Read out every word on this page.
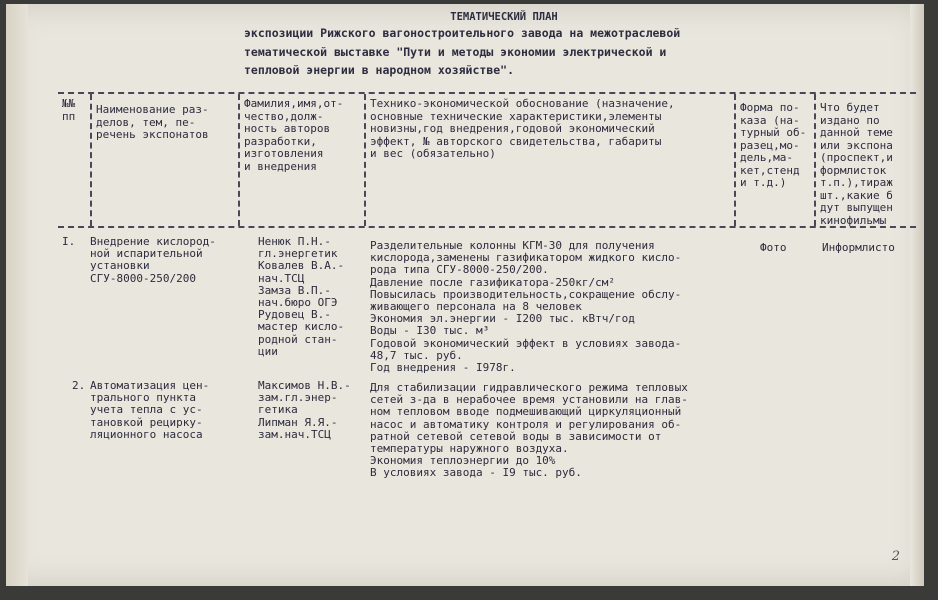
ТЕМАТИЧЕСКИЙ ПЛАН

экспозиции Рижского вагоностроительного завода на межотраслевой

тематической выставке "Пути и методы экономии электрической и

тепловой энергии в народном хозяйстве".

№№

пп Наименование раз-

делов, тем, пе-

речень экспонатов

Фамилия,имя,от-

чество,долж-

ность авторов

разработки,

изготовления

и внедрения

Технико-экономической обоснование (назначение,

основные технические характеристики,элементы

новизны,год внедрения,годовой экономический

эффект, № авторского свидетельства, габариты

и вес (обязательно)

Форма по-

каза (на-

турный об-

разец,мо-

дель,ма-

кет,стенд

и т.д.)

Что будет

издано по

данной теме

или экспона

(проспект,и

формлисток

т.п.),тираж

шт.,какие б

дут выпущен

кинофильмы

I. Внедрение кислород-

ной испарительной

установки

СГУ-8000-250/200

Ненюк П.Н.-

гл.энергетик

Ковалев В.А.-

нач.ТСЦ

Замза В.П.-

нач.бюро ОГЭ

Рудовец В.-

мастер кисло-

родной стан-

ции

Разделительные колонны КГМ-30 для получения

кислорода,заменены газификатором жидкого кисло-

рода типа СГУ-8000-250/200.

Давление после газификатора-250кг/см²

Повысилась производительность,сокращение обслу-

живающего персонала на 8 человек

Экономия эл.энергии - I200 тыс. кВтч/год

Воды - I30 тыс. м³

Годовой экономический эффект в условиях завода-

48,7 тыс. руб.

Год внедрения - I978г.

Фото	Информлисто

2. Автоматизация цен-

трального пункта

учета тепла с ус-

тановкой рецирку-

ляционного насоса

Максимов Н.В.-

зам.гл.энер-

гетика

Липман Я.Я.-

зам.нач.ТСЦ

Для стабилизации гидравлического режима тепловых

сетей з-да в нерабочее время установили на глав-

ном тепловом вводе подмешивающий циркуляционный

насос и автоматику контроля и регулирования об-

ратной сетевой сетевой воды в зависимости от

температуры наружного воздуха.

Экономия теплоэнергии до 10%

В условиях завода - I9 тыс. руб.

2
